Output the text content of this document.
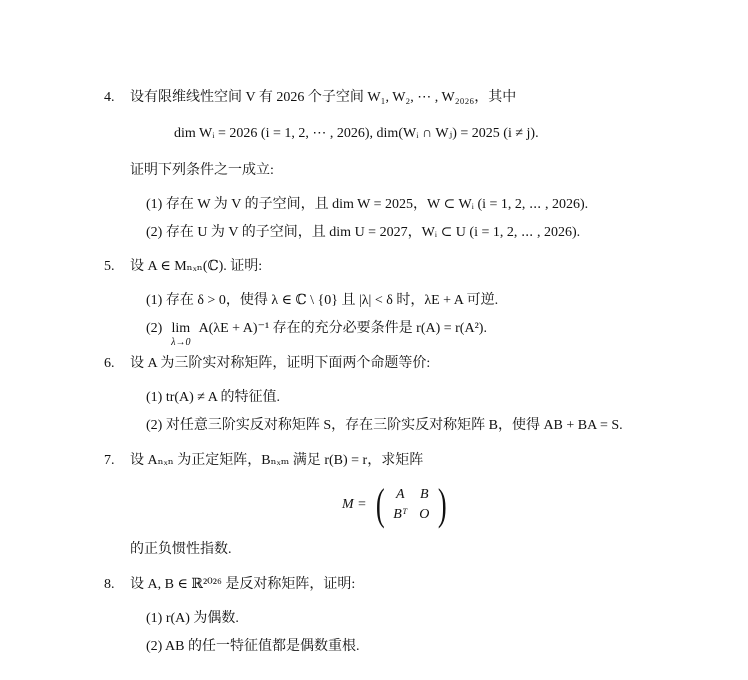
4. 设有限维线性空间 V 有 2026 个子空间 W₁, W₂, ⋯ , W₂₀₂₆，其中
dim Wᵢ = 2026 (i = 1, 2, ⋯ , 2026), dim(Wᵢ ∩ Wⱼ) = 2025 (i ≠ j).
证明下列条件之一成立:
(1) 存在 W 为 V 的子空间，且 dim W = 2025，W ⊂ Wᵢ (i = 1, 2, ⋯ , 2026).
(2) 存在 U 为 V 的子空间，且 dim U = 2027，Wᵢ ⊂ U (i = 1, 2, ⋯ , 2026).
5. 设 A ∈ Mₙₓₙ(ℂ). 证明:
(1) 存在 δ > 0，使得 λ ∈ ℂ \ {0} 且 |λ| < δ 时，λE + A 可逆.
(2) lim
λ→0
A(λE + A)⁻¹ 存在的充分必要条件是 r(A) = r(A²).
6. 设 A 为三阶实对称矩阵，证明下面两个命题等价:
(1) tr(A) ≠ A 的特征值.
(2) 对任意三阶实反对称矩阵 S，存在三阶实反对称矩阵 B，使得 AB + BA = S.
7. 设 Aₙₓₙ 为正定矩阵，Bₙₓₘ 满足 r(B) = r，求矩阵
M = ( A B
Bᵀ O )
的正负惯性指数.
8. 设 A, B ∈ ℝ²⁰²⁶ 是反对称矩阵，证明:
(1) r(A) 为偶数.
(2) AB 的任一特征值都是偶数重根.
